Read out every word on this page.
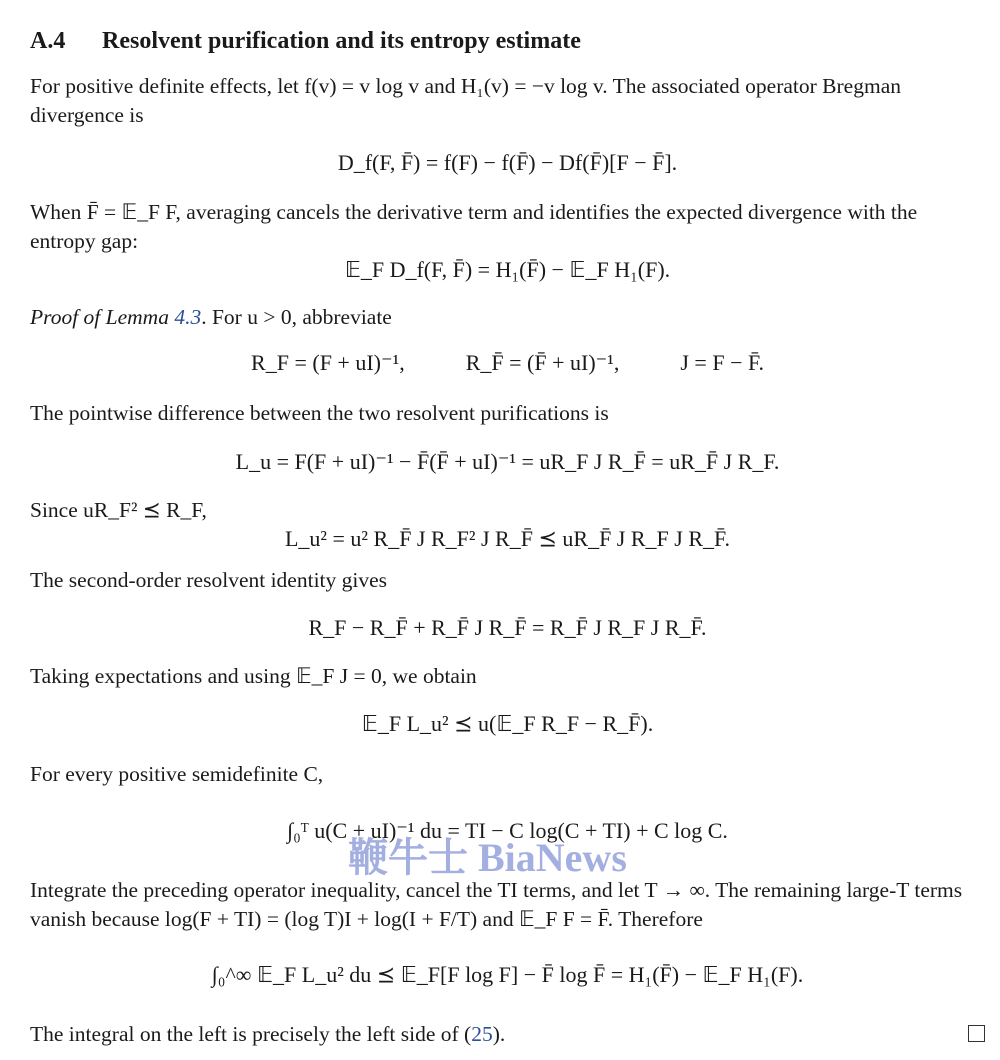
A.4 Resolvent purification and its entropy estimate
For positive definite effects, let f(v) = v log v and H₁(v) = −v log v. The associated operator Bregman divergence is
D_f(F, F̄) = f(F) − f(F̄) − Df(F̄)[F − F̄].
When F̄ = 𝔼_F F, averaging cancels the derivative term and identifies the expected divergence with the entropy gap:
𝔼_F D_f(F, F̄) = H₁(F̄) − 𝔼_F H₁(F).
Proof of Lemma 4.3. For u > 0, abbreviate
R_F = (F + uI)⁻¹,	R_F̄ = (F̄ + uI)⁻¹,	J = F − F̄.
The pointwise difference between the two resolvent purifications is
L_u = F(F + uI)⁻¹ − F̄(F̄ + uI)⁻¹ = uR_F J R_F̄ = uR_F̄ J R_F.
Since uR_F² ⪯ R_F,
L_u² = u² R_F̄ J R_F² J R_F̄ ⪯ uR_F̄ J R_F J R_F̄.
The second-order resolvent identity gives
R_F − R_F̄ + R_F̄ J R_F̄ = R_F̄ J R_F J R_F̄.
Taking expectations and using 𝔼_F J = 0, we obtain
𝔼_F L_u² ⪯ u(𝔼_F R_F − R_F̄).
For every positive semidefinite C,
∫₀ᵀ u(C + uI)⁻¹ du = TI − C log(C + TI) + C log C.
Integrate the preceding operator inequality, cancel the TI terms, and let T → ∞. The remaining large-T terms vanish because log(F + TI) = (log T)I + log(I + F/T) and 𝔼_F F = F̄. Therefore
∫₀^∞ 𝔼_F L_u² du ⪯ 𝔼_F[F log F] − F̄ log F̄ = H₁(F̄) − 𝔼_F H₁(F).
The integral on the left is precisely the left side of (25).
鞭牛士 BiaNews
